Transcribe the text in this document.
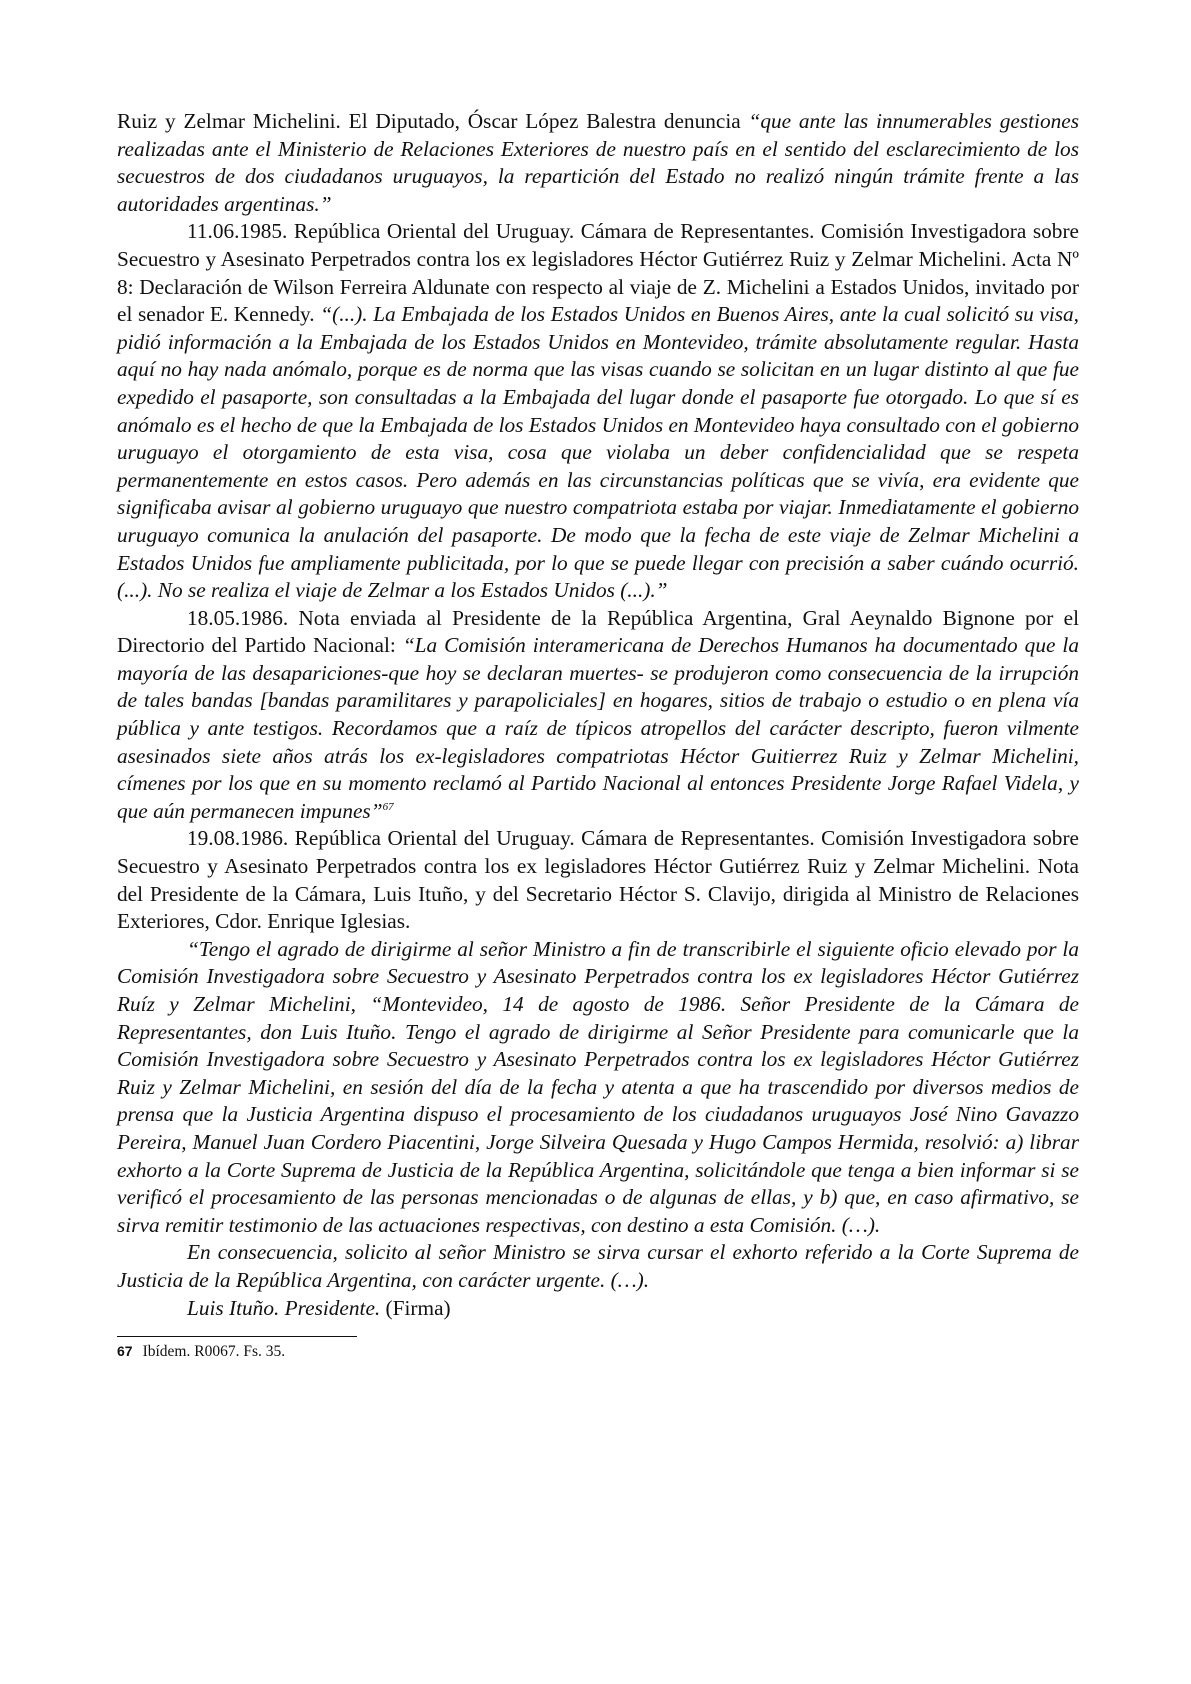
Ruiz y Zelmar Michelini. El Diputado, Óscar López Balestra denuncia “que ante las innumerables gestiones realizadas ante el Ministerio de Relaciones Exteriores de nuestro país en el sentido del esclarecimiento de los secuestros de dos ciudadanos uruguayos, la repartición del Estado no realizó ningún trámite frente a las autoridades argentinas.”

11.06.1985. República Oriental del Uruguay. Cámara de Representantes. Comisión Investigadora sobre Secuestro y Asesinato Perpetrados contra los ex legisladores Héctor Gutiérrez Ruiz y Zelmar Michelini. Acta Nº 8: Declaración de Wilson Ferreira Aldunate con respecto al viaje de Z. Michelini a Estados Unidos, invitado por el senador E. Kennedy. “(...). La Embajada de los Estados Unidos en Buenos Aires, ante la cual solicitó su visa, pidió información a la Embajada de los Estados Unidos en Montevideo, trámite absolutamente regular. Hasta aquí no hay nada anómalo, porque es de norma que las visas cuando se solicitan en un lugar distinto al que fue expedido el pasaporte, son consultadas a la Embajada del lugar donde el pasaporte fue otorgado. Lo que sí es anómalo es el hecho de que la Embajada de los Estados Unidos en Montevideo haya consultado con el gobierno uruguayo el otorgamiento de esta visa, cosa que violaba un deber confidencialidad que se respeta permanentemente en estos casos. Pero además en las circunstancias políticas que se vivía, era evidente que significaba avisar al gobierno uruguayo que nuestro compatriota estaba por viajar. Inmediatamente el gobierno uruguayo comunica la anulación del pasaporte. De modo que la fecha de este viaje de Zelmar Michelini a Estados Unidos fue ampliamente publicitada, por lo que se puede llegar con precisión a saber cuándo ocurrió. (...). No se realiza el viaje de Zelmar a los Estados Unidos (...).”

18.05.1986. Nota enviada al Presidente de la República Argentina, Gral Aeynaldo Bignone por el Directorio del Partido Nacional: “La Comisión interamericana de Derechos Humanos ha documentado que la mayoría de las desapariciones-que hoy se declaran muertes- se produjeron como consecuencia de la irrupción de tales bandas [bandas paramilitares y parapoliciales] en hogares, sitios de trabajo o estudio o en plena vía pública y ante testigos. Recordamos que a raíz de típicos atropellos del carácter descripto, fueron vilmente asesinados siete años atrás los ex-legisladores compatriotas Héctor Guitierrez Ruiz y Zelmar Michelini, címenes por los que en su momento reclamó al Partido Nacional al entonces Presidente Jorge Rafael Videla, y que aún permanecen impunes”$^{67}$

19.08.1986. República Oriental del Uruguay. Cámara de Representantes. Comisión Investigadora sobre Secuestro y Asesinato Perpetrados contra los ex legisladores Héctor Gutiérrez Ruiz y Zelmar Michelini. Nota del Presidente de la Cámara, Luis Ituño, y del Secretario Héctor S. Clavijo, dirigida al Ministro de Relaciones Exteriores, Cdor. Enrique Iglesias.

“Tengo el agrado de dirigirme al señor Ministro a fin de transcribirle el siguiente oficio elevado por la Comisión Investigadora sobre Secuestro y Asesinato Perpetrados contra los ex legisladores Héctor Gutiérrez Ruíz y Zelmar Michelini, “Montevideo, 14 de agosto de 1986. Señor Presidente de la Cámara de Representantes, don Luis Ituño. Tengo el agrado de dirigirme al Señor Presidente para comunicarle que la Comisión Investigadora sobre Secuestro y Asesinato Perpetrados contra los ex legisladores Héctor Gutiérrez Ruiz y Zelmar Michelini, en sesión del día de la fecha y atenta a que ha trascendido por diversos medios de prensa que la Justicia Argentina dispuso el procesamiento de los ciudadanos uruguayos José Nino Gavazzo Pereira, Manuel Juan Cordero Piacentini, Jorge Silveira Quesada y Hugo Campos Hermida, resolvió: a) librar exhorto a la Corte Suprema de Justicia de la República Argentina, solicitándole que tenga a bien informar si se verificó el procesamiento de las personas mencionadas o de algunas de ellas, y b) que, en caso afirmativo, se sirva remitir testimonio de las actuaciones respectivas, con destino a esta Comisión. (…).

En consecuencia, solicito al señor Ministro se sirva cursar el exhorto referido a la Corte Suprema de Justicia de la República Argentina, con carácter urgente. (…).

Luis Ituño. Presidente. (Firma)

67 Ibídem. R0067. Fs. 35.
